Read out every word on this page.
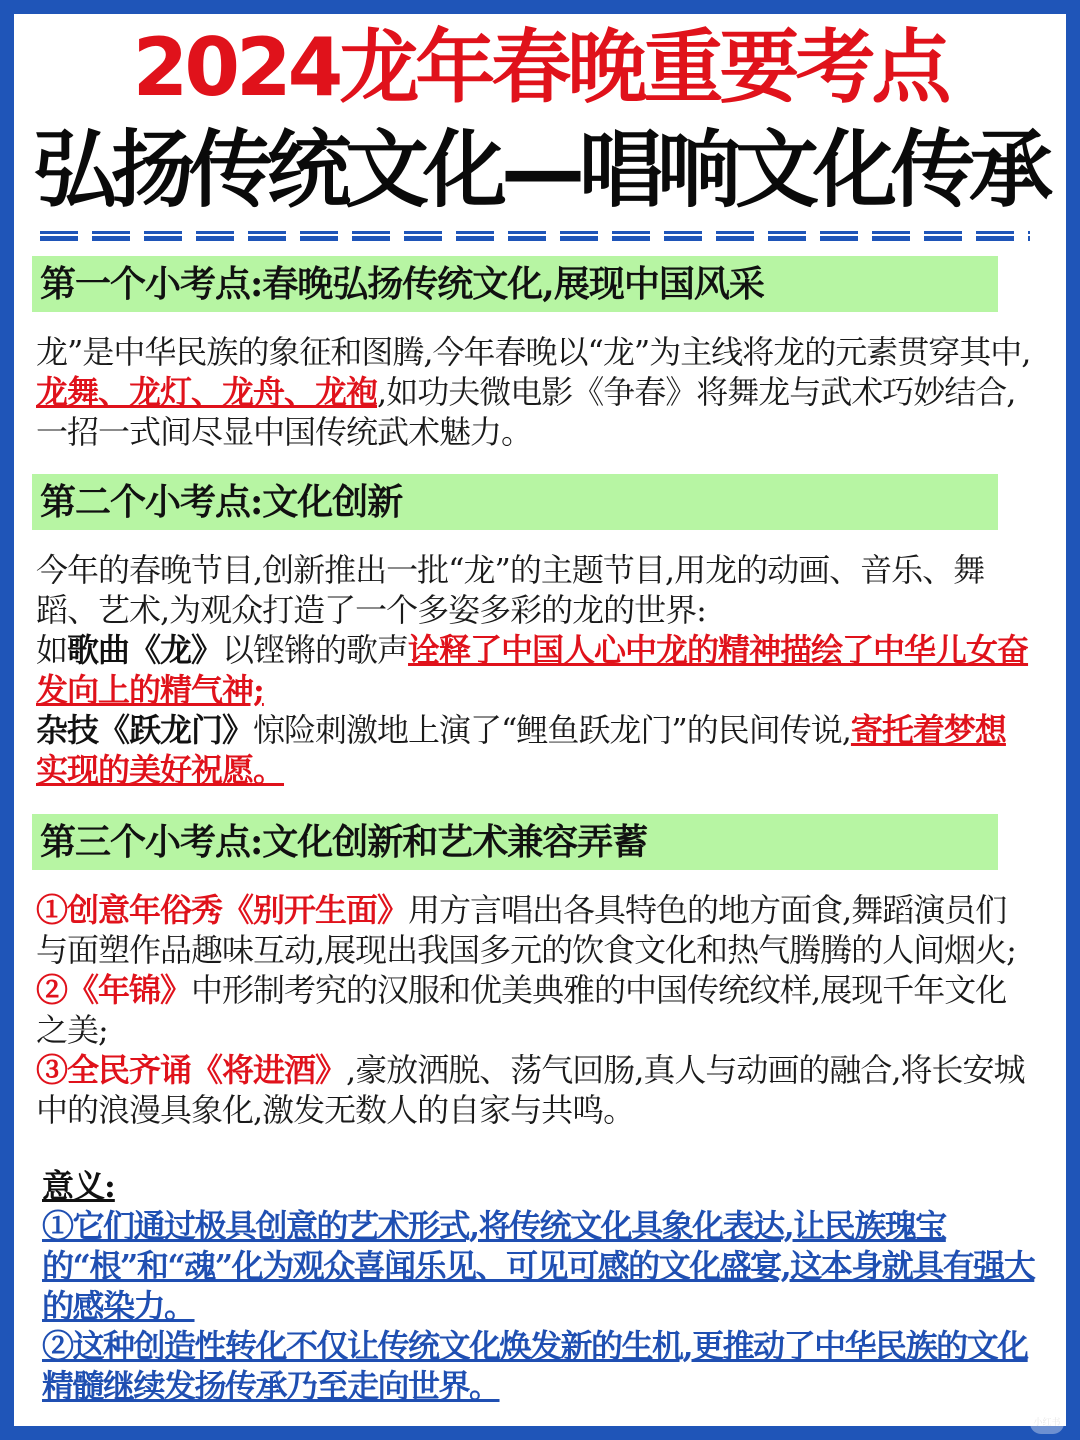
2024龙年春晚重要考点
弘扬传统文化—唱响文化传承
第一个小考点:春晚弘扬传统文化,展现中国风采
龙”是中华民族的象征和图腾,今年春晚以“龙”为主线将龙的元素贯穿其中,龙舞、龙灯、龙舟、龙袍,如功夫微电影《争春》将舞龙与武术巧妙结合,一招一式间尽显中国传统武术魅力。
第二个小考点:文化创新
今年的春晚节目,创新推出一批“龙”的主题节目,用龙的动画、音乐、舞蹈、艺术,为观众打造了一个多姿多彩的龙的世界:
如歌曲《龙》以铿锵的歌声诠释了中国人心中龙的精神描绘了中华儿女奋发向上的精气神;
杂技《跃龙门》惊险刺激地上演了“鲤鱼跃龙门”的民间传说,寄托着梦想实现的美好祝愿。
第三个小考点:文化创新和艺术兼容弄蓄
①创意年俗秀《别开生面》用方言唱出各具特色的地方面食,舞蹈演员们与面塑作品趣味互动,展现出我国多元的饮食文化和热气腾腾的人间烟火;
②《年锦》中形制考究的汉服和优美典雅的中国传统纹样,展现千年文化之美;
③全民齐诵《将进酒》,豪放洒脱、荡气回肠,真人与动画的融合,将长安城中的浪漫具象化,激发无数人的自家与共鸣。
意义:
①它们通过极具创意的艺术形式,将传统文化具象化表达,让民族瑰宝的“根”和“魂”化为观众喜闻乐见、可见可感的文化盛宴,这本身就具有强大的感染力。
②这种创造性转化不仅让传统文化焕发新的生机,更推动了中华民族的文化精髓继续发扬传承乃至走向世界。
小红书
